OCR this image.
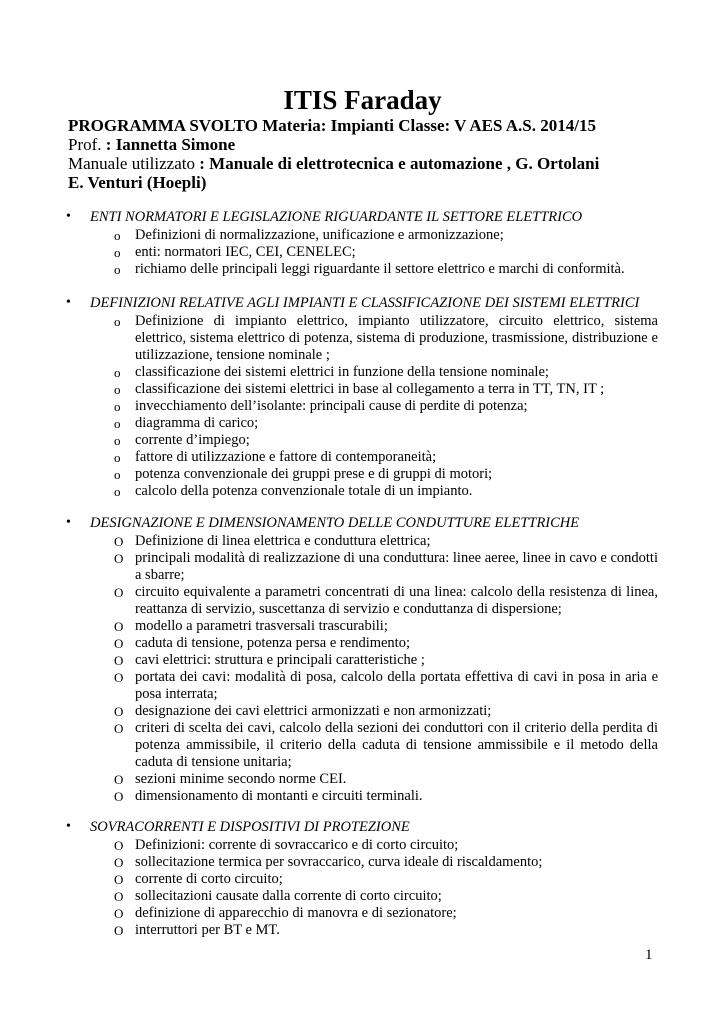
ITIS Faraday
PROGRAMMA SVOLTO Materia: Impianti Classe: V AES A.S. 2014/15
Prof. : Iannetta Simone
Manuale utilizzato : Manuale di elettrotecnica e automazione , G. Ortolani
E. Venturi (Hoepli)
• ENTI NORMATORI E LEGISLAZIONE RIGUARDANTE IL SETTORE ELETTRICO
o Definizioni di normalizzazione, unificazione e armonizzazione;
o enti: normatori IEC, CEI, CENELEC;
o richiamo delle principali leggi riguardante il settore elettrico e marchi di conformità.
• DEFINIZIONI RELATIVE AGLI IMPIANTI E CLASSIFICAZIONE DEI SISTEMI ELETTRICI
o Definizione di impianto elettrico, impianto utilizzatore, circuito elettrico, sistema elettrico, sistema elettrico di potenza, sistema di produzione, trasmissione, distribuzione e utilizzazione, tensione nominale ;
o classificazione dei sistemi elettrici in funzione della tensione nominale;
o classificazione dei sistemi elettrici in base al collegamento a terra in TT, TN, IT ;
o invecchiamento dell’isolante: principali cause di perdite di potenza;
o diagramma di carico;
o corrente d’impiego;
o fattore di utilizzazione e fattore di contemporaneità;
o potenza convenzionale dei gruppi prese e di gruppi di motori;
o calcolo della potenza convenzionale totale di un impianto.
• DESIGNAZIONE E DIMENSIONAMENTO DELLE CONDUTTURE ELETTRICHE
O Definizione di linea elettrica e conduttura elettrica;
O principali modalità di realizzazione di una conduttura: linee aeree, linee in cavo e condotti a sbarre;
O circuito equivalente a parametri concentrati di una linea: calcolo della resistenza di linea, reattanza di servizio, suscettanza di servizio e conduttanza di dispersione;
O modello a parametri trasversali trascurabili;
O caduta di tensione, potenza persa e rendimento;
O cavi elettrici: struttura e principali caratteristiche ;
O portata dei cavi: modalità di posa, calcolo della portata effettiva di cavi in posa in aria e posa interrata;
O designazione dei cavi elettrici armonizzati e non armonizzati;
O criteri di scelta dei cavi, calcolo della sezioni dei conduttori con il criterio della perdita di potenza ammissibile, il criterio della caduta di tensione ammissibile e il metodo della caduta di tensione unitaria;
O sezioni minime secondo norme CEI.
O dimensionamento di montanti e circuiti terminali.
• SOVRACORRENTI E DISPOSITIVI DI PROTEZIONE
O Definizioni: corrente di sovraccarico e di corto circuito;
O sollecitazione termica per sovraccarico, curva ideale di riscaldamento;
O corrente di corto circuito;
O sollecitazioni causate dalla corrente di corto circuito;
O definizione di apparecchio di manovra e di sezionatore;
O interruttori per BT e MT.
1
